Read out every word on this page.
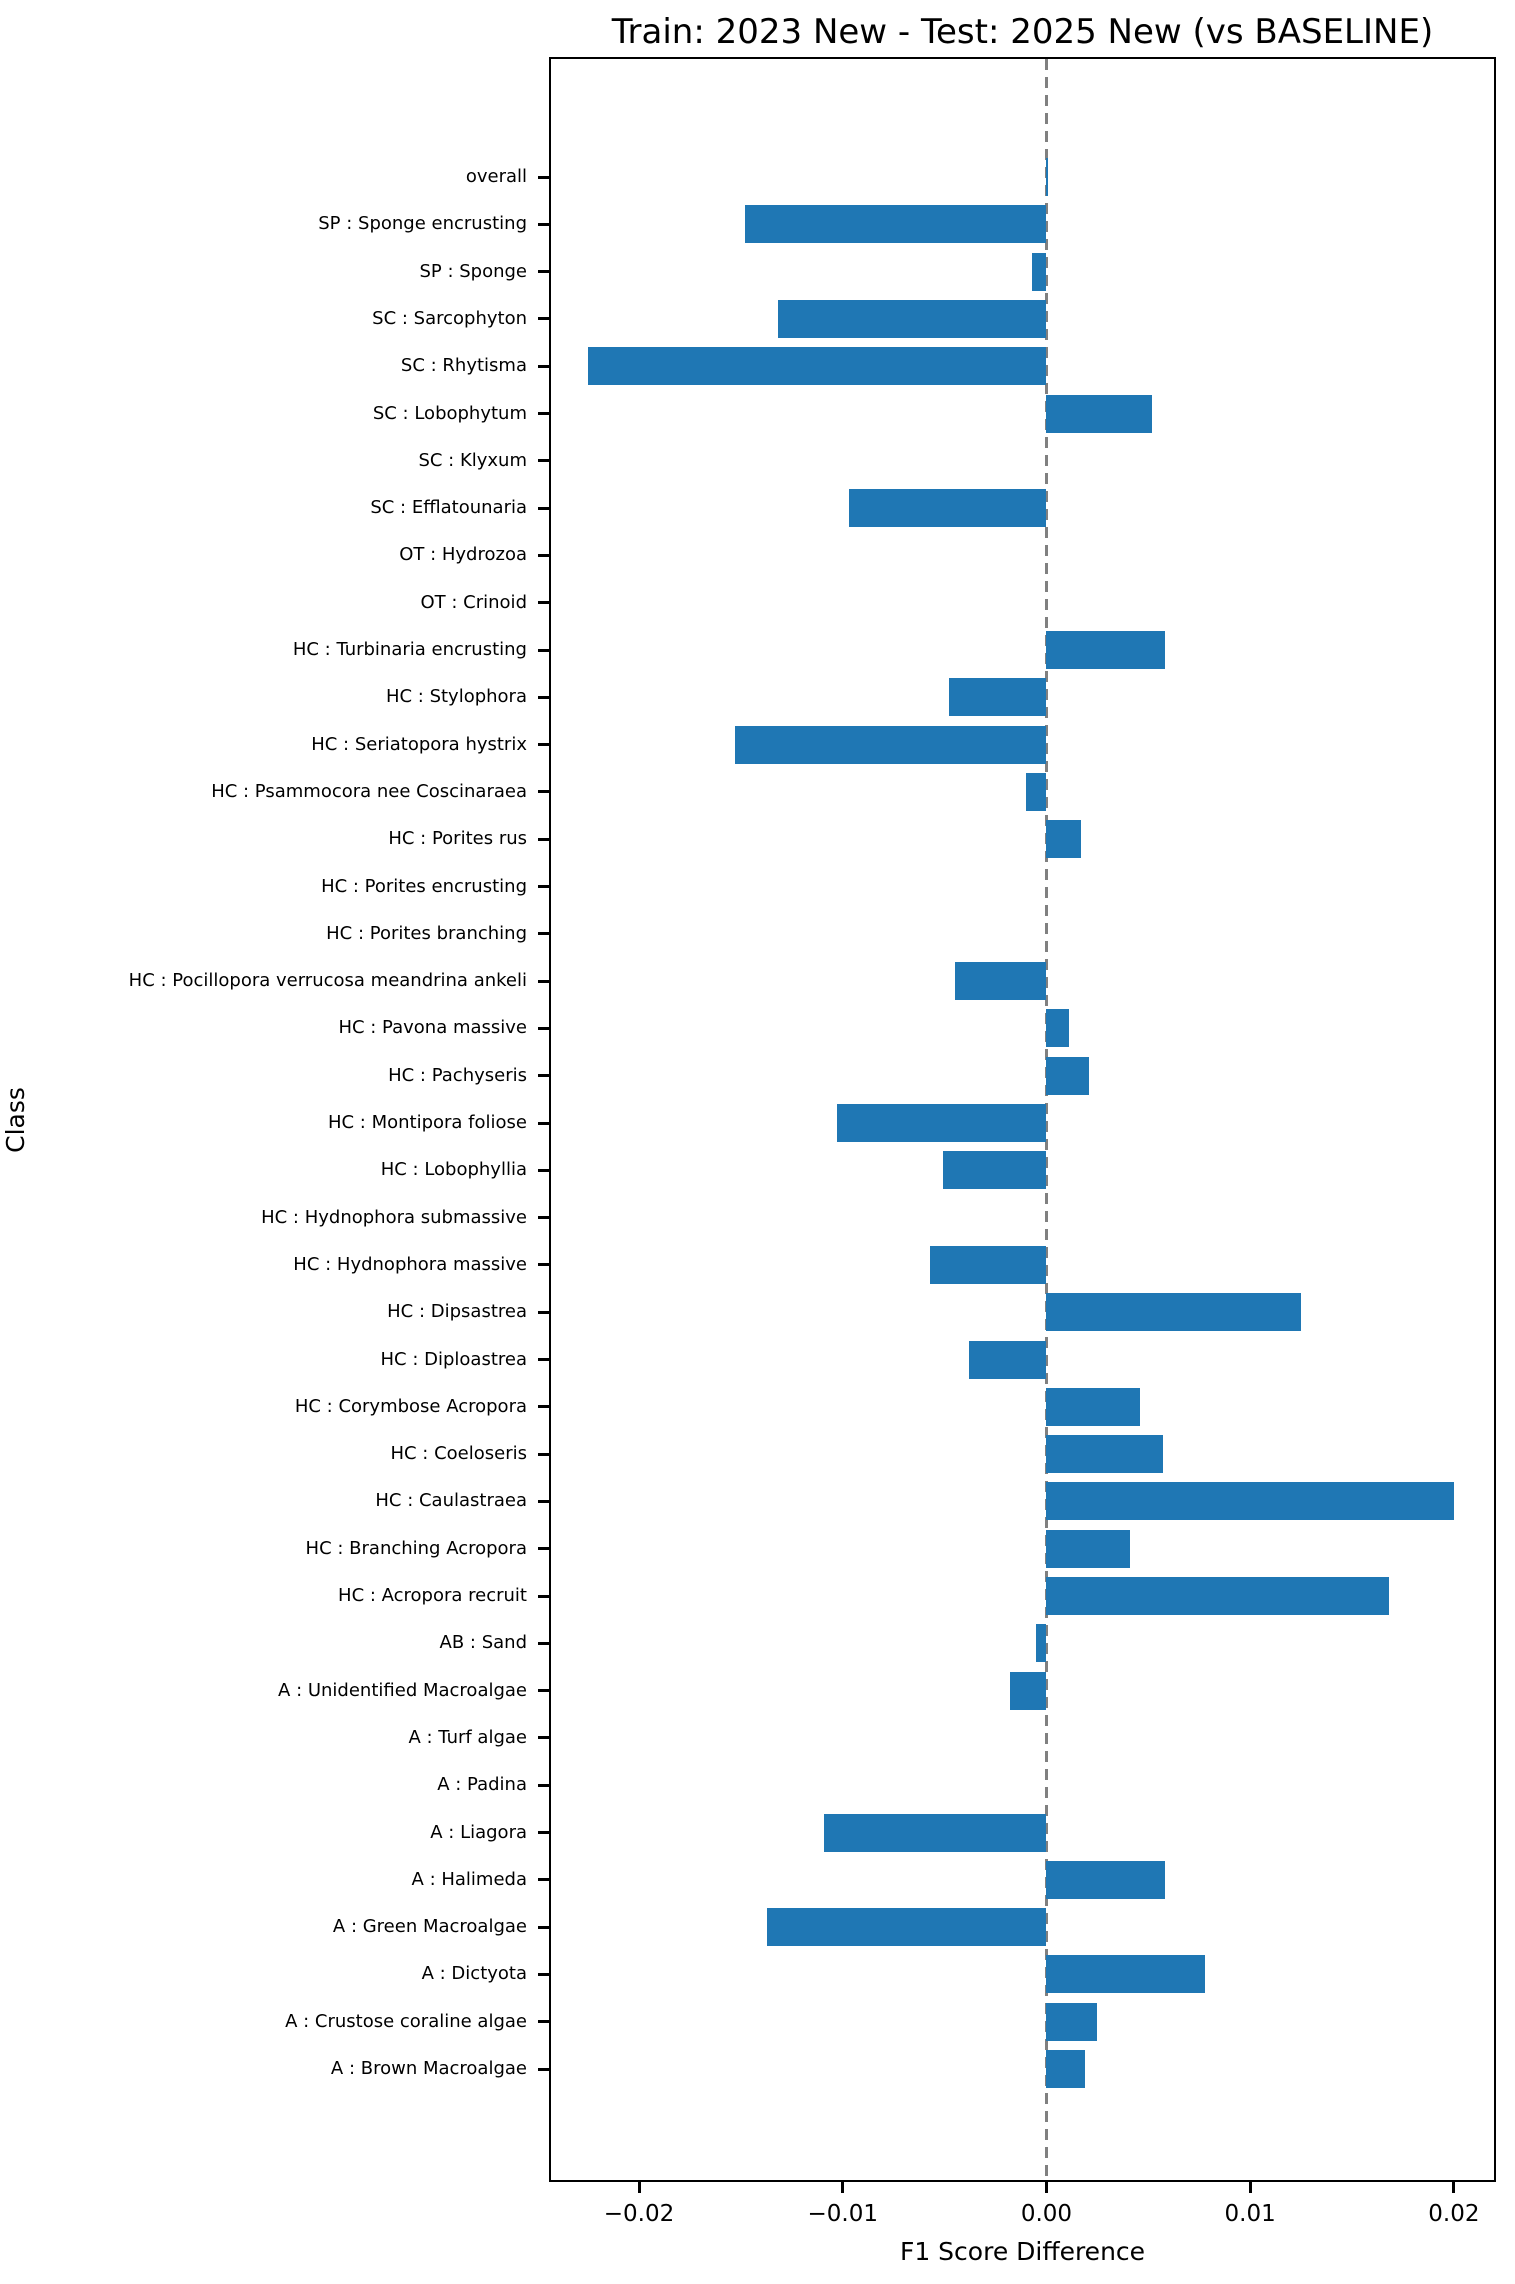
Train: 2023 New - Test: 2025 New (vs BASELINE)
Class
overall
SP : Sponge encrusting
SP : Sponge
SC : Sarcophyton
SC : Rhytisma
SC : Lobophytum
SC : Klyxum
SC : Efflatounaria
OT : Hydrozoa
OT : Crinoid
HC : Turbinaria encrusting
HC : Stylophora
HC : Seriatopora hystrix
HC : Psammocora nee Coscinaraea
HC : Porites rus
HC : Porites encrusting
HC : Porites branching
HC : Pocillopora verrucosa meandrina ankeli
HC : Pavona massive
HC : Pachyseris
HC : Montipora foliose
HC : Lobophyllia
HC : Hydnophora submassive
HC : Hydnophora massive
HC : Dipsastrea
HC : Diploastrea
HC : Corymbose Acropora
HC : Coeloseris
HC : Caulastraea
HC : Branching Acropora
HC : Acropora recruit
AB : Sand
A : Unidentified Macroalgae
A : Turf algae
A : Padina
A : Liagora
A : Halimeda
A : Green Macroalgae
A : Dictyota
A : Crustose coraline algae
A : Brown Macroalgae
−0.02	−0.01	0.00	0.01	0.02
F1 Score Difference
